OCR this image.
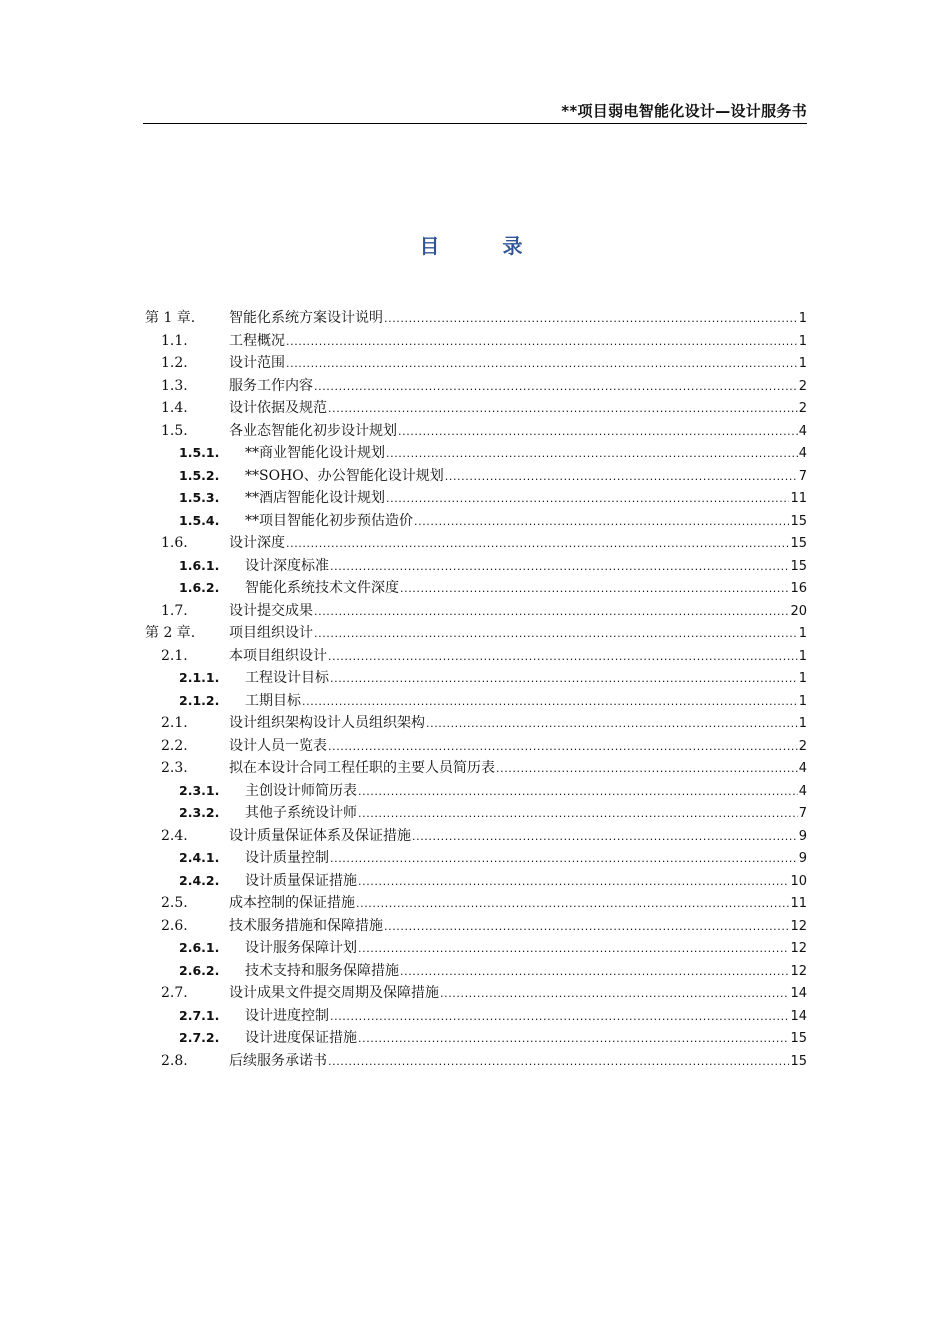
**项目弱电智能化设计—设计服务书
目 录
第 1 章.	智能化系统方案设计说明 .....	1
1.1.	工程概况 .....	1
1.2.	设计范围 .....	1
1.3.	服务工作内容 .....	2
1.4.	设计依据及规范 .....	2
1.5.	各业态智能化初步设计规划 .....	4
1.5.1.	**商业智能化设计规划 .....	4
1.5.2.	**SOHO、办公智能化设计规划 .....	7
1.5.3.	**酒店智能化设计规划 .....	11
1.5.4.	**项目智能化初步预估造价 .....	15
1.6.	设计深度 .....	15
1.6.1.	设计深度标准 .....	15
1.6.2.	智能化系统技术文件深度 .....	16
1.7.	设计提交成果 .....	20
第 2 章.	项目组织设计 .....	1
2.1.	本项目组织设计 .....	1
2.1.1.	工程设计目标 .....	1
2.1.2.	工期目标 .....	1
2.1.	设计组织架构设计人员组织架构 .....	1
2.2.	设计人员一览表 .....	2
2.3.	拟在本设计合同工程任职的主要人员简历表 .....	4
2.3.1.	主创设计师简历表 .....	4
2.3.2.	其他子系统设计师 .....	7
2.4.	设计质量保证体系及保证措施 .....	9
2.4.1.	设计质量控制 .....	9
2.4.2.	设计质量保证措施 .....	10
2.5.	成本控制的保证措施 .....	11
2.6.	技术服务措施和保障措施 .....	12
2.6.1.	设计服务保障计划 .....	12
2.6.2.	技术支持和服务保障措施 .....	12
2.7.	设计成果文件提交周期及保障措施 .....	14
2.7.1.	设计进度控制 .....	14
2.7.2.	设计进度保证措施 .....	15
2.8.	后续服务承诺书 .....	15
